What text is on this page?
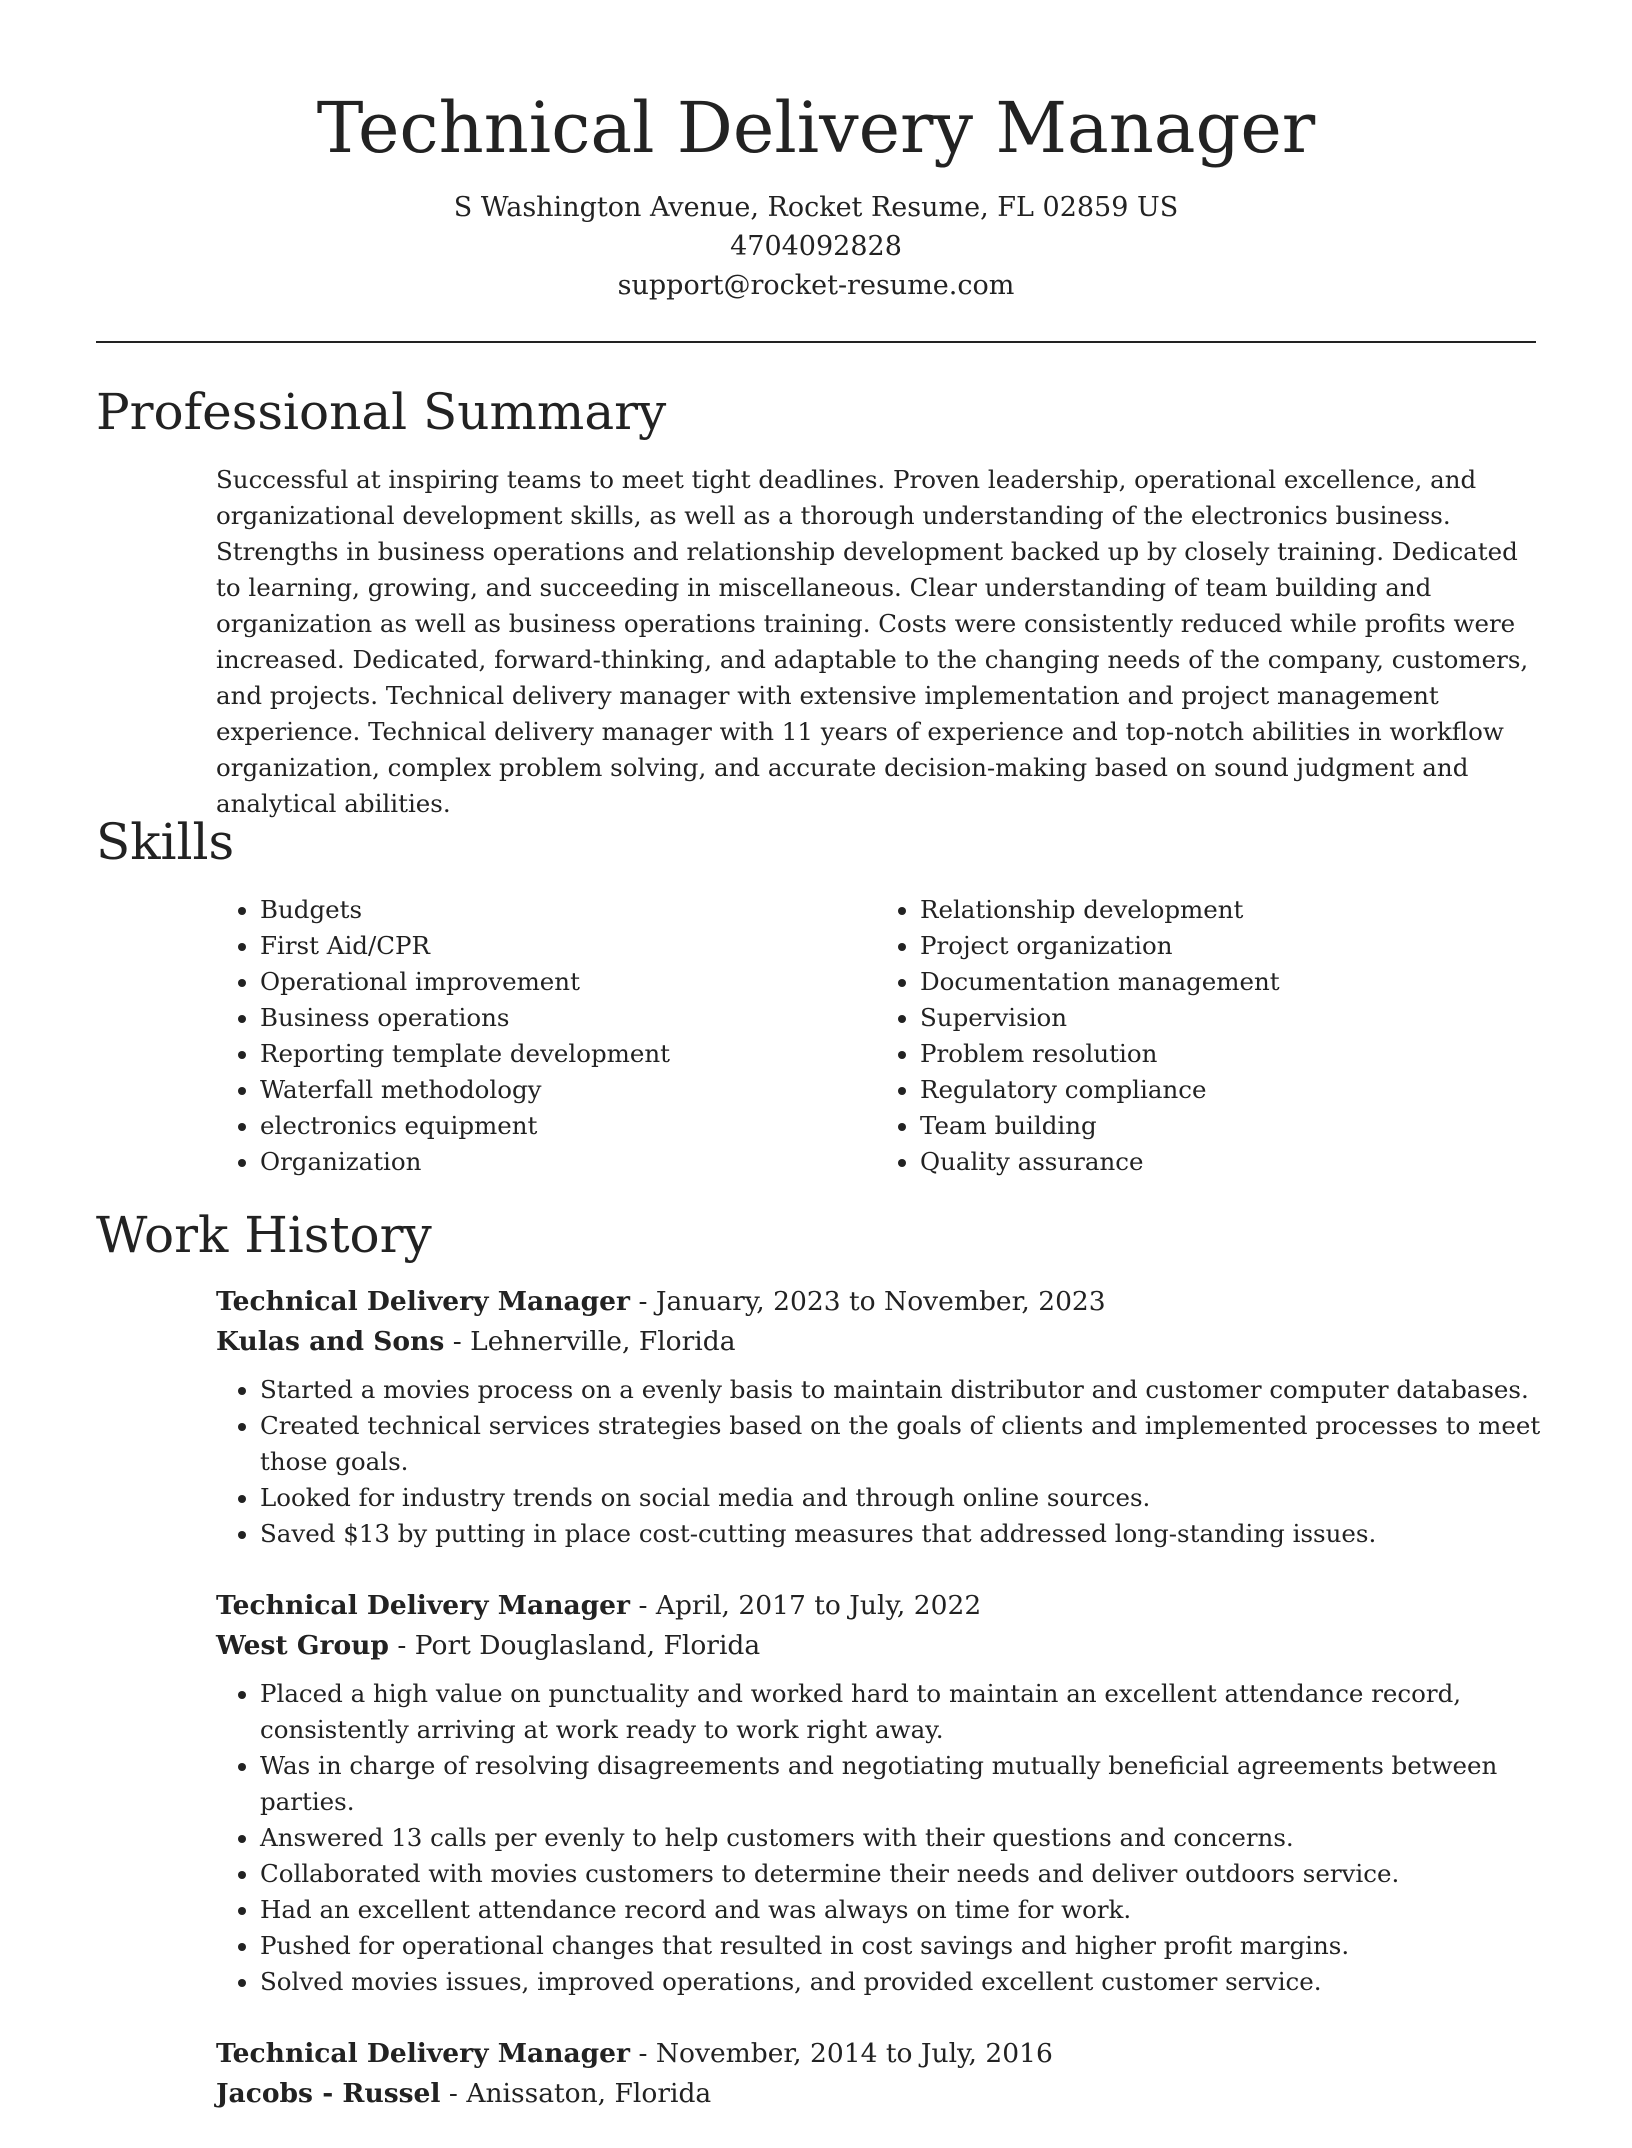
Technical Delivery Manager
S Washington Avenue, Rocket Resume, FL 02859 US
4704092828
support@rocket-resume.com
Professional Summary

Successful at inspiring teams to meet tight deadlines. Proven leadership, operational excellence, and organizational development skills, as well as a thorough understanding of the electronics business. Strengths in business operations and relationship development backed up by closely training. Dedicated to learning, growing, and succeeding in miscellaneous. Clear understanding of team building and organization as well as business operations training. Costs were consistently reduced while profits were increased. Dedicated, forward-thinking, and adaptable to the changing needs of the company, customers, and projects. Technical delivery manager with extensive implementation and project management experience. Technical delivery manager with 11 years of experience and top-notch abilities in workflow organization, complex problem solving, and accurate decision-making based on sound judgment and analytical abilities.

Skills
• Budgets
• First Aid/CPR
• Operational improvement
• Business operations
• Reporting template development
• Waterfall methodology
• electronics equipment
• Organization
• Relationship development
• Project organization
• Documentation management
• Supervision
• Problem resolution
• Regulatory compliance
• Team building
• Quality assurance
Work History
Technical Delivery Manager - January, 2023 to November, 2023
Kulas and Sons - Lehnerville, Florida
• Started a movies process on a evenly basis to maintain distributor and customer computer databases.
• Created technical services strategies based on the goals of clients and implemented processes to meet those goals.
• Looked for industry trends on social media and through online sources.
• Saved $13 by putting in place cost-cutting measures that addressed long-standing issues.
Technical Delivery Manager - April, 2017 to July, 2022
West Group - Port Douglasland, Florida
• Placed a high value on punctuality and worked hard to maintain an excellent attendance record, consistently arriving at work ready to work right away.
• Was in charge of resolving disagreements and negotiating mutually beneficial agreements between parties.
• Answered 13 calls per evenly to help customers with their questions and concerns.
• Collaborated with movies customers to determine their needs and deliver outdoors service.
• Had an excellent attendance record and was always on time for work.
• Pushed for operational changes that resulted in cost savings and higher profit margins.
• Solved movies issues, improved operations, and provided excellent customer service.
Technical Delivery Manager - November, 2014 to July, 2016
Jacobs - Russel - Anissaton, Florida
